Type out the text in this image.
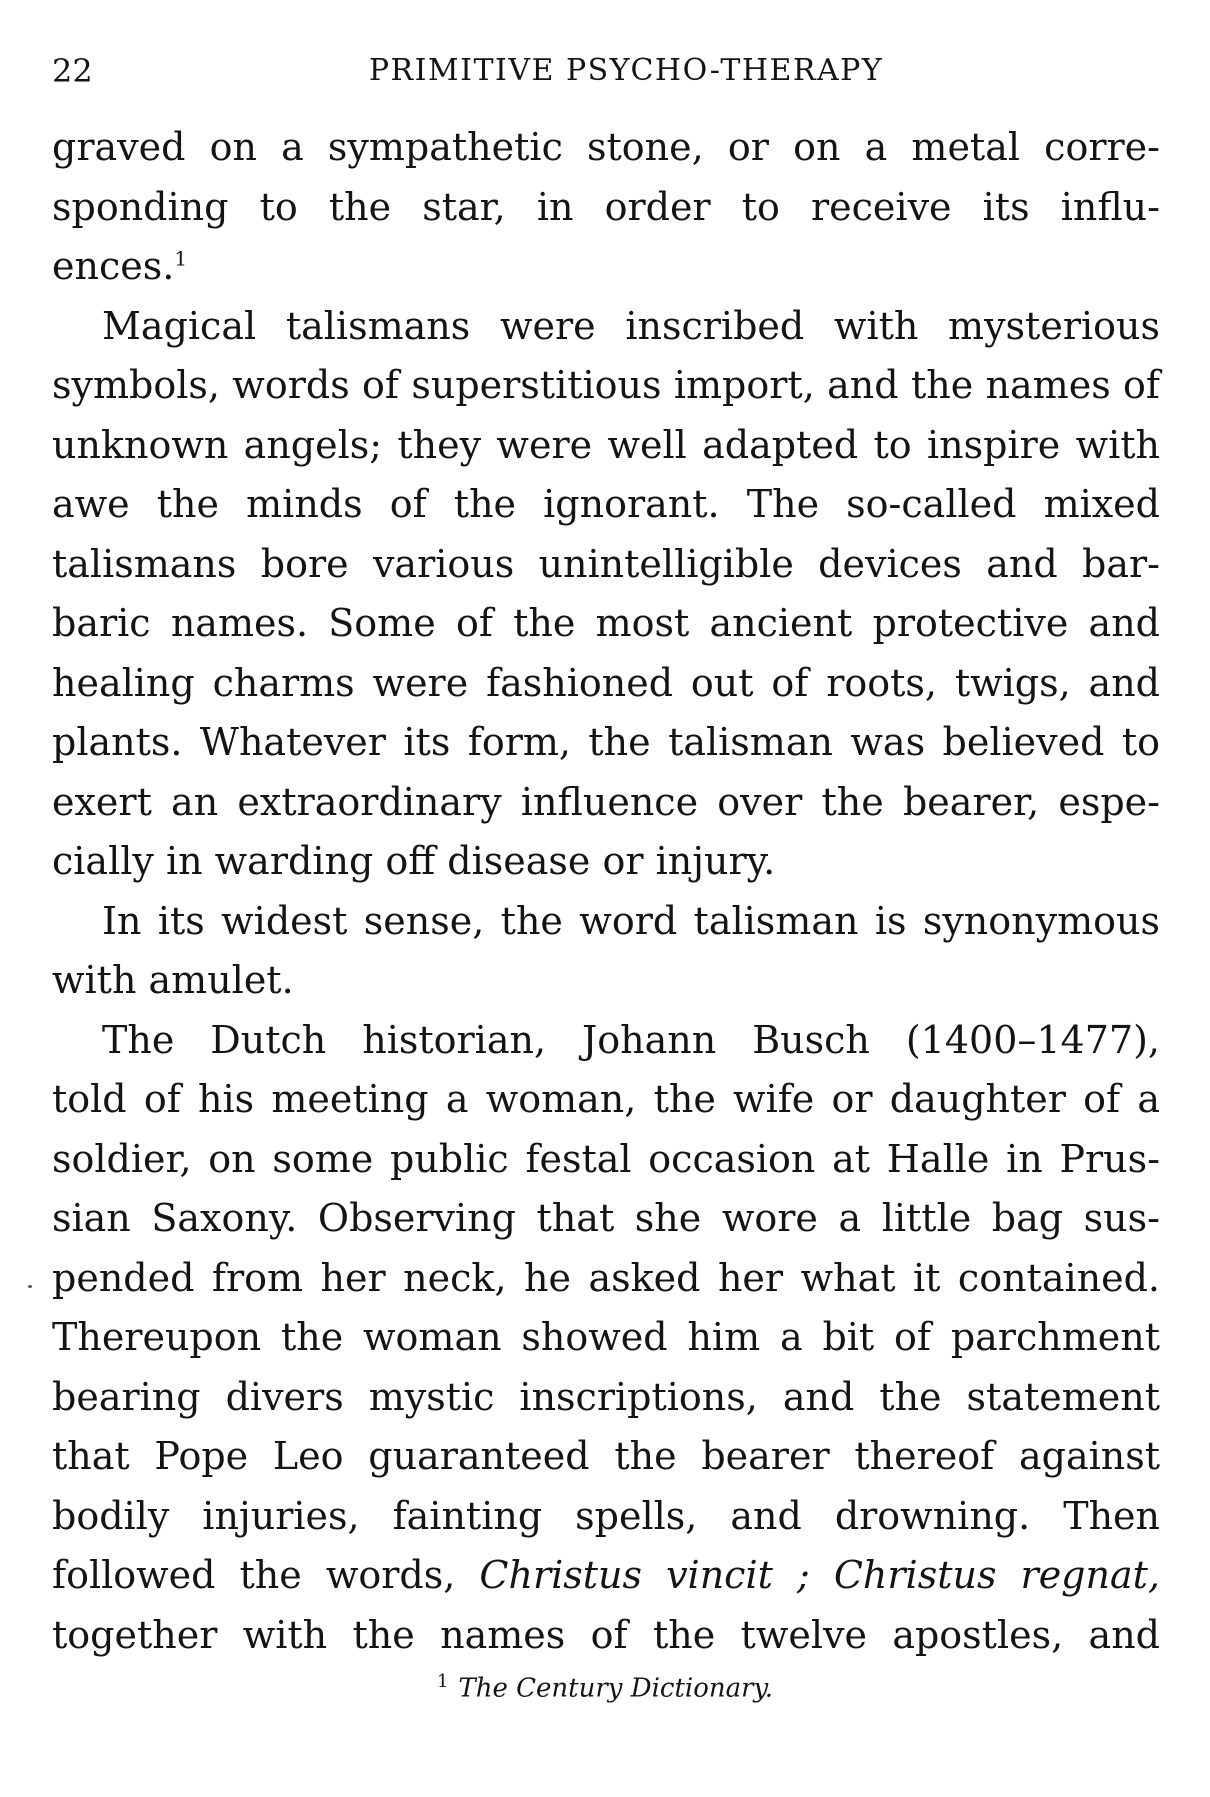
22	PRIMITIVE PSYCHO-THERAPY
graved on a sympathetic stone, or on a metal corre-
sponding to the star, in order to receive its influ-
ences.$^1$
Magical talismans were inscribed with mysterious
symbols, words of superstitious import, and the names of
unknown angels; they were well adapted to inspire with
awe the minds of the ignorant. The so-called mixed
talismans bore various unintelligible devices and bar-
baric names. Some of the most ancient protective and
healing charms were fashioned out of roots, twigs, and
plants. Whatever its form, the talisman was believed to
exert an extraordinary influence over the bearer, espe-
cially in warding off disease or injury.
In its widest sense, the word talisman is synonymous
with amulet.
The Dutch historian, Johann Busch (1400–1477),
told of his meeting a woman, the wife or daughter of a
soldier, on some public festal occasion at Halle in Prus-
sian Saxony. Observing that she wore a little bag sus-
pended from her neck, he asked her what it contained.
Thereupon the woman showed him a bit of parchment
bearing divers mystic inscriptions, and the statement
that Pope Leo guaranteed the bearer thereof against
bodily injuries, fainting spells, and drowning. Then
followed the words, Christus vincit ; Christus regnat,
together with the names of the twelve apostles, and
$^1$ The Century Dictionary.
